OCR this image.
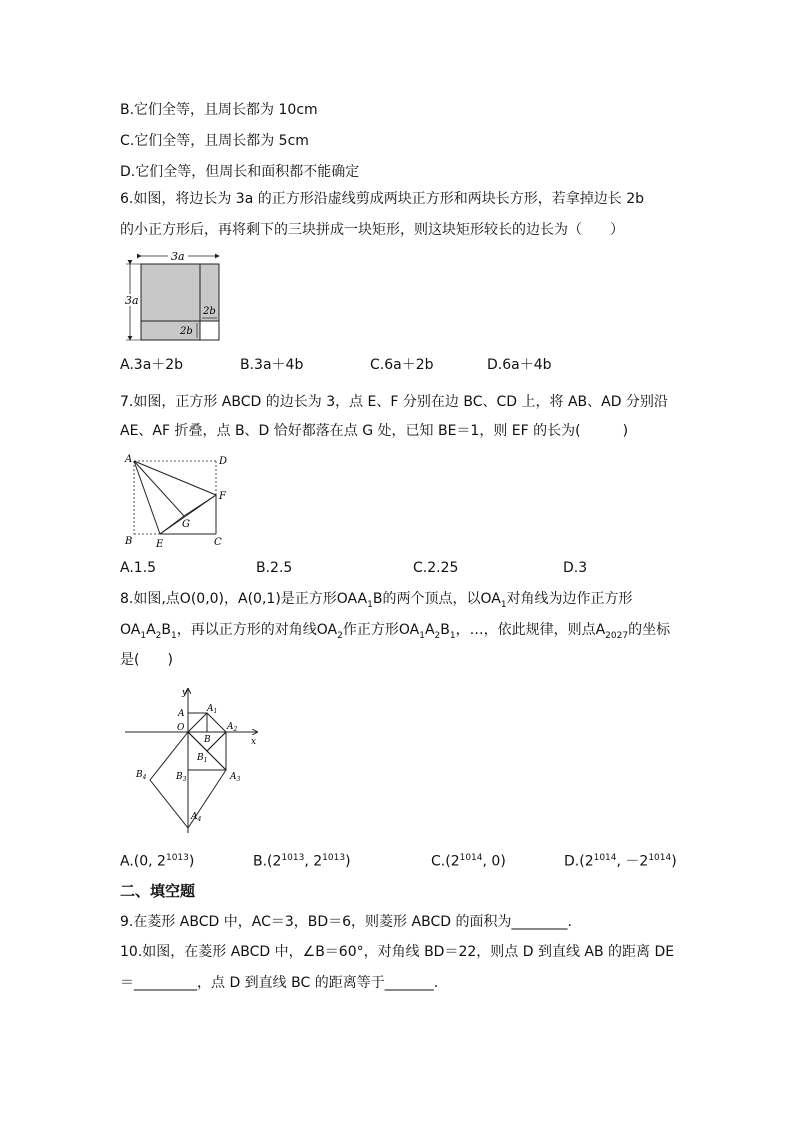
B.它们全等，且周长都为 10cm
C.它们全等，且周长都为 5cm
D.它们全等，但周长和面积都不能确定
6.如图，将边长为 3a 的正方形沿虚线剪成两块正方形和两块长方形，若拿掉边长 2b
的小正方形后，再将剩下的三块拼成一块矩形，则这块矩形较长的边长为（　　）
3a
3a
2b
2b
A.3a＋2b	B.3a＋4b	C.6a＋2b	D.6a＋4b
7.如图，正方形 ABCD 的边长为 3，点 E、F 分别在边 BC、CD 上，将 AB、AD 分别沿
AE、AF 折叠，点 B、D 恰好都落在点 G 处，已知 BE＝1，则 EF 的长为(　　　)
A	D
F
B E
G
C
A.1.5	B.2.5	C.2.25	D.3
8.如图,点O(0,0)，A(0,1)是正方形$OAA_1B$的两个顶点，以$OA_1$对角线为边作正方形
$OA_1A_2B_1$，再以正方形的对角线$OA_2$作正方形$OA_1A_2B_1$，…，依此规律，则点$A_{2027}$的坐标
是(　　)
y
x
O
A	$A_1$
$A_2$
B
$B_1$
$B_3$	$A_3$
$B_4$
$A_4$
A.(0, $2^{1013}$)	$B.(2^{1013}$, $2^{1013}$)	$C.(2^{1014}$, 0)	$D.(2^{1014}$, $-2^{1014}$)
二、填空题
9.在菱形 ABCD 中，AC＝3，BD＝6，则菱形 ABCD 的面积为________.
10.如图，在菱形 ABCD 中，∠B＝60°，对角线 BD＝22，则点 D 到直线 AB 的距离 DE
＝_________，点 D 到直线 BC 的距离等于_______.
